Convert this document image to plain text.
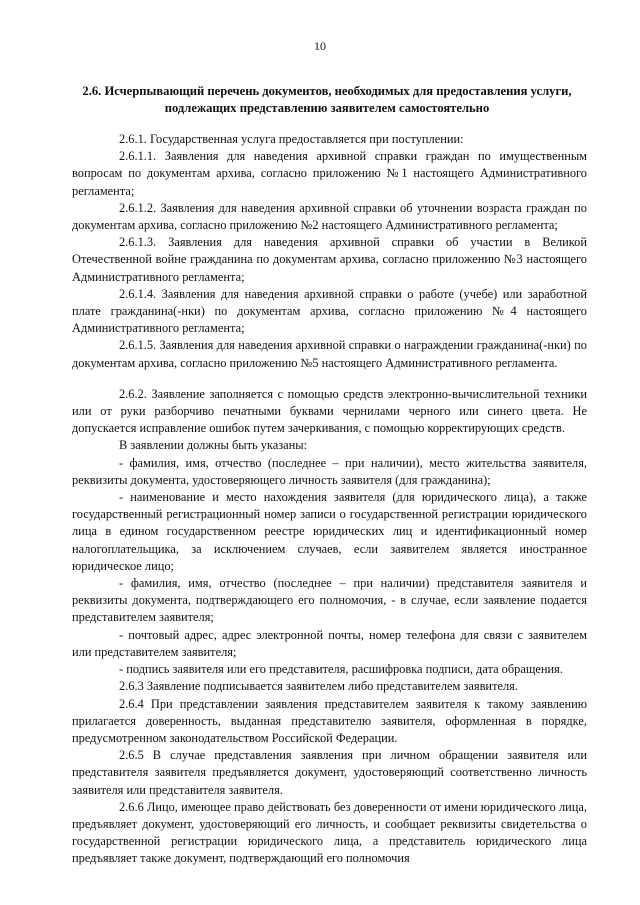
10
2.6. Исчерпывающий перечень документов, необходимых для предоставления услуги, подлежащих представлению заявителем самостоятельно

2.6.1. Государственная услуга предоставляется при поступлении:

2.6.1.1. Заявления для наведения архивной справки граждан по имущественным вопросам по документам архива, согласно приложению №1 настоящего Административного регламента;

2.6.1.2. Заявления для наведения архивной справки об уточнении возраста граждан по документам архива, согласно приложению №2 настоящего Административного регламента;

2.6.1.3. Заявления для наведения архивной справки об участии в Великой Отечественной войне гражданина по документам архива, согласно приложению №3 настоящего Административного регламента;

2.6.1.4. Заявления для наведения архивной справки о работе (учебе) или заработной плате гражданина(-нки) по документам архива, согласно приложению №4 настоящего Административного регламента;

2.6.1.5. Заявления для наведения архивной справки о награждении гражданина(-нки) по документам архива, согласно приложению №5 настоящего Административного регламента.

2.6.2. Заявление заполняется с помощью средств электронно-вычислительной техники или от руки разборчиво печатными буквами чернилами черного или синего цвета. Не допускается исправление ошибок путем зачеркивания, с помощью корректирующих средств.

В заявлении должны быть указаны:

- фамилия, имя, отчество (последнее – при наличии), место жительства заявителя, реквизиты документа, удостоверяющего личность заявителя (для гражданина);

- наименование и место нахождения заявителя (для юридического лица), а также государственный регистрационный номер записи о государственной регистрации юридического лица в едином государственном реестре юридических лиц и идентификационный номер налогоплательщика, за исключением случаев, если заявителем является иностранное юридическое лицо;

- фамилия, имя, отчество (последнее – при наличии) представителя заявителя и реквизиты документа, подтверждающего его полномочия, - в случае, если заявление подается представителем заявителя;

- почтовый адрес, адрес электронной почты, номер телефона для связи с заявителем или представителем заявителя;

- подпись заявителя или его представителя, расшифровка подписи, дата обращения.

2.6.3 Заявление подписывается заявителем либо представителем заявителя.

2.6.4 При представлении заявления представителем заявителя к такому заявлению прилагается доверенность, выданная представителю заявителя, оформленная в порядке, предусмотренном законодательством Российской Федерации.

2.6.5 В случае представления заявления при личном обращении заявителя или представителя заявителя предъявляется документ, удостоверяющий соответственно личность заявителя или представителя заявителя.

2.6.6 Лицо, имеющее право действовать без доверенности от имени юридического лица, предъявляет документ, удостоверяющий его личность, и сообщает реквизиты свидетельства о государственной регистрации юридического лица, а представитель юридического лица предъявляет также документ, подтверждающий его полномочия
